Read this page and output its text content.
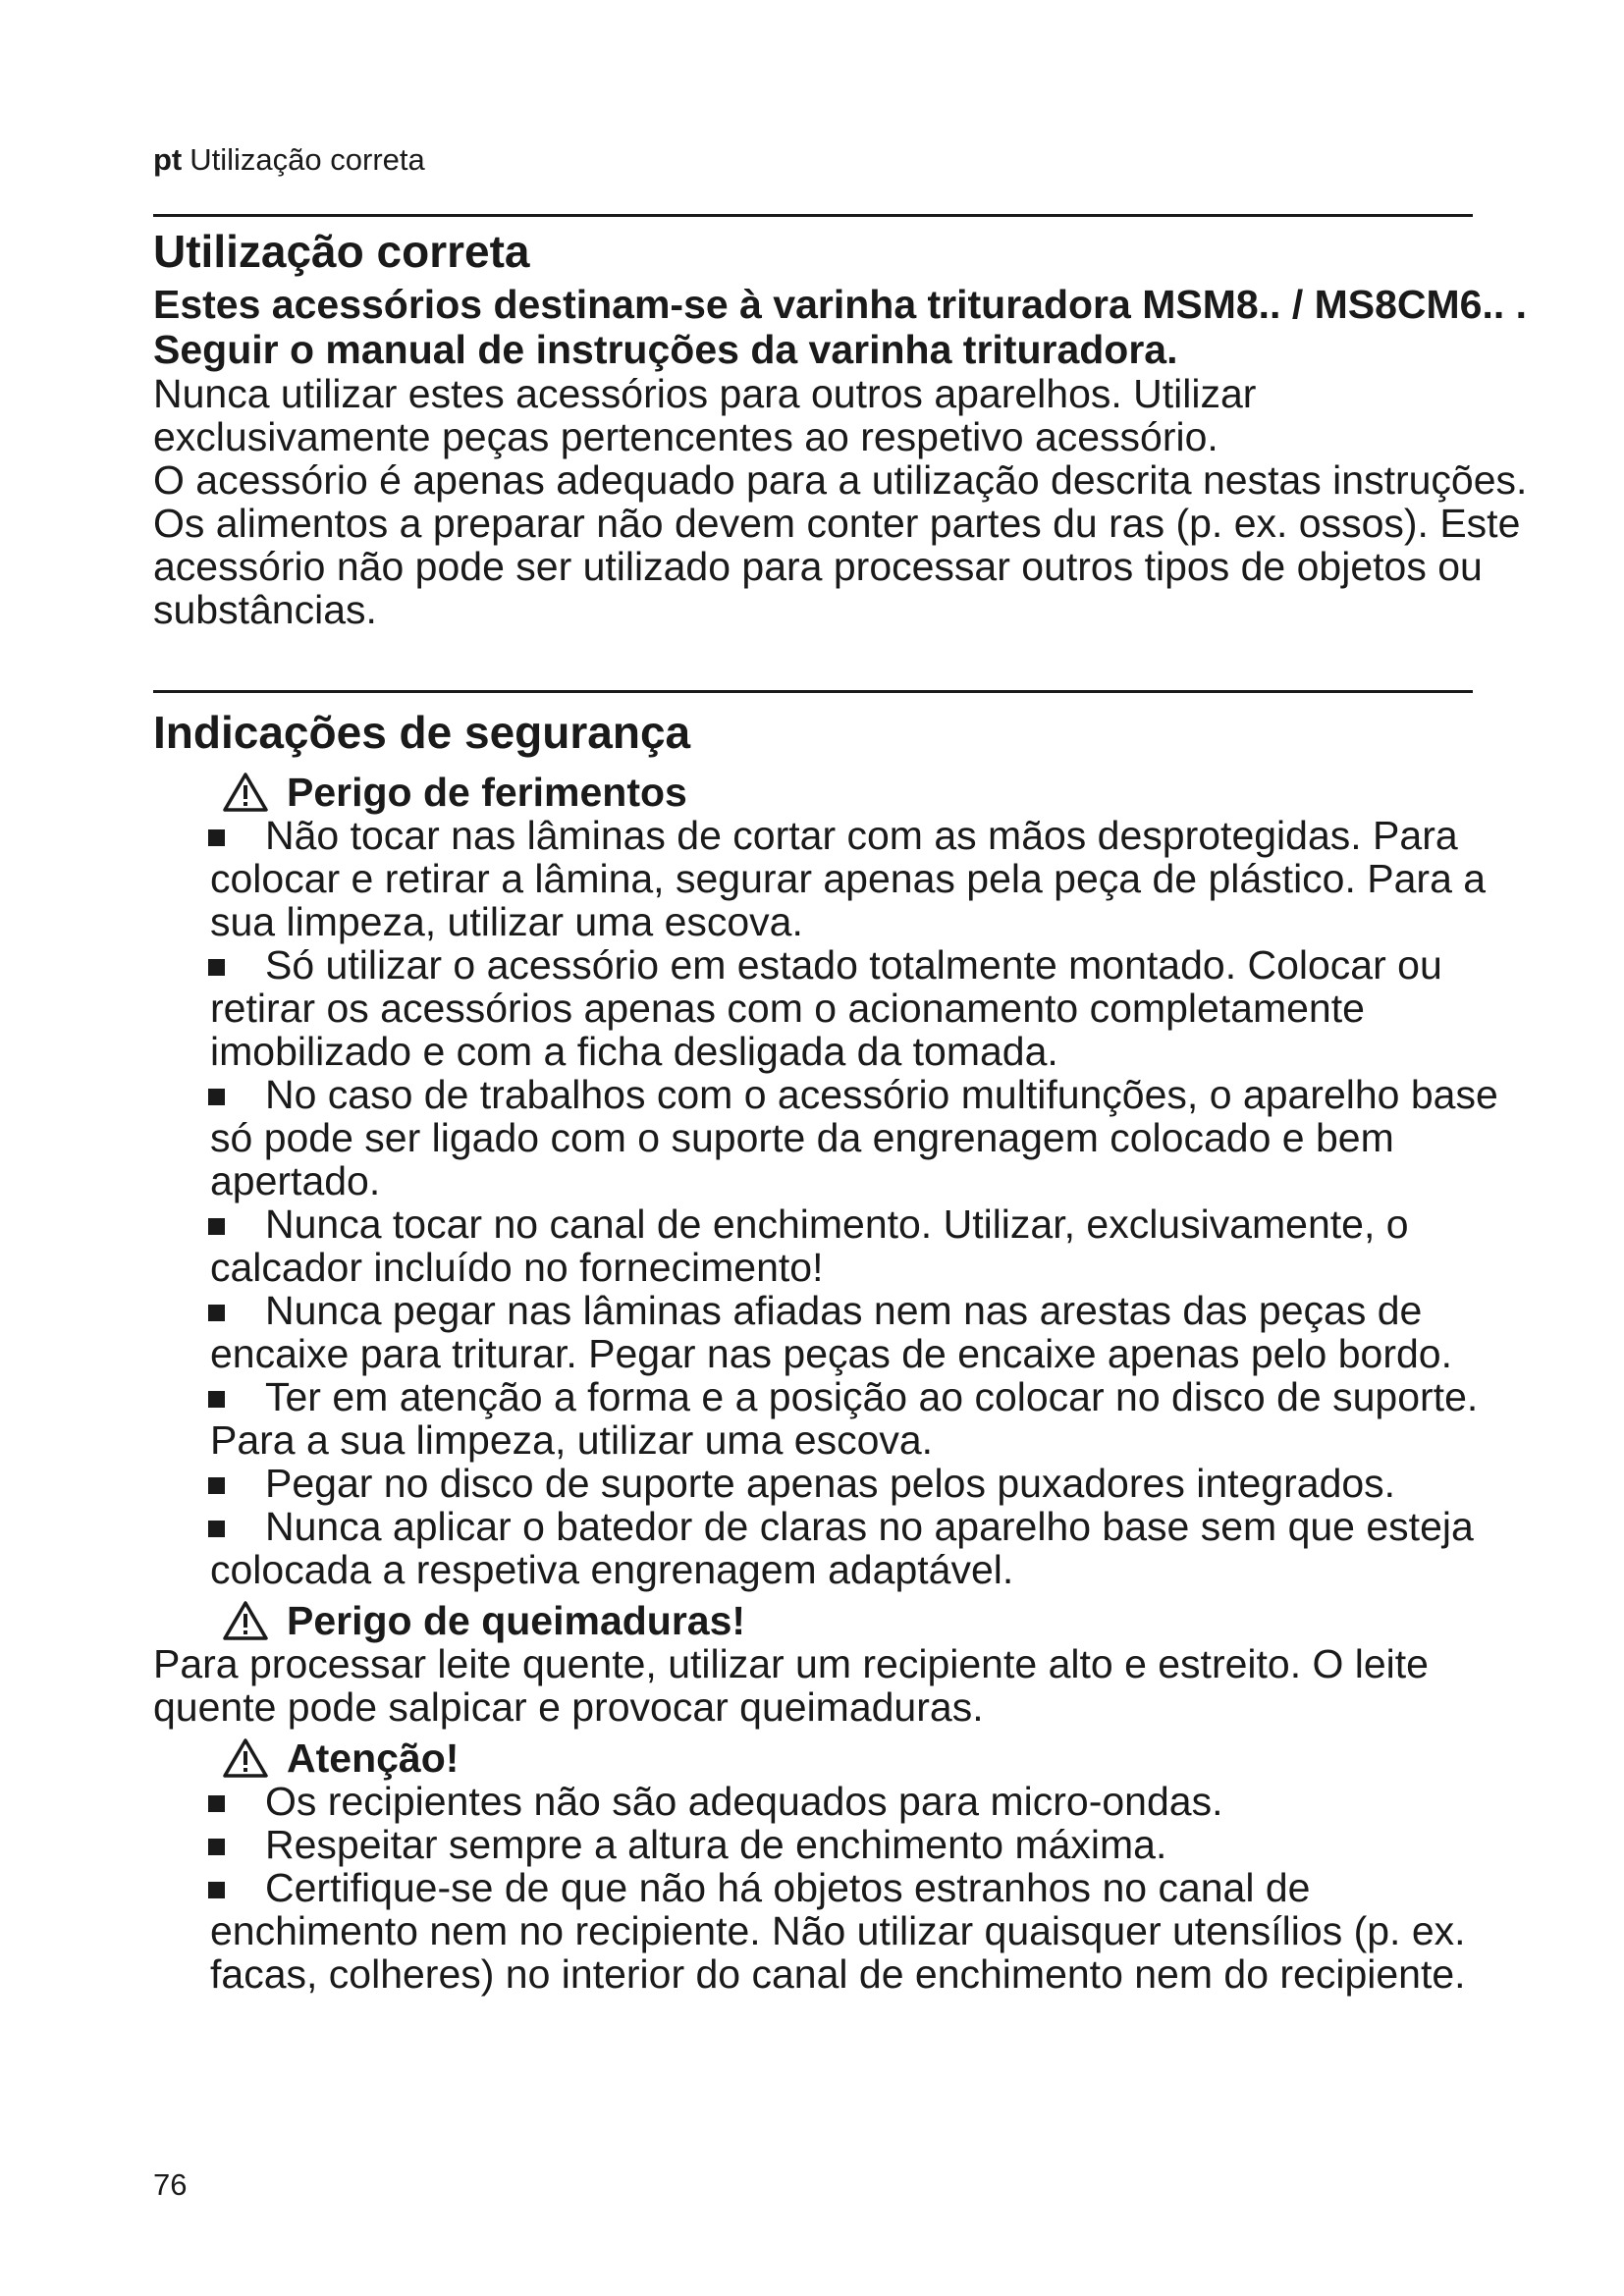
pt Utilização correta
Utilização correta

Estes acessórios destinam-se à varinha trituradora MSM8.. / MS8CM6.. . Seguir o manual de instruções da varinha trituradora.

Nunca utilizar estes acessórios para outros aparelhos. Utilizar exclusivamente peças pertencentes ao respetivo acessório.

O acessório é apenas adequado para a utilização descrita nestas instruções. Os alimentos a preparar não devem conter partes du ras (p. ex. ossos). Este acessório não pode ser utilizado para processar outros tipos de objetos ou substâncias.

Indicações de segurança
Perigo de ferimentos
Não tocar nas lâminas de cortar com as mãos desprotegidas. Para colocar e retirar a lâmina, segurar apenas pela peça de plástico. Para a sua limpeza, utilizar uma escova.
Só utilizar o acessório em estado totalmente montado. Colocar ou retirar os acessórios apenas com o acionamento completamente imobilizado e com a ficha desligada da tomada.
No caso de trabalhos com o acessório multifunções, o aparelho base só pode ser ligado com o suporte da engrenagem colocado e bem apertado.
Nunca tocar no canal de enchimento. Utilizar, exclusivamente, o calcador incluído no fornecimento!
Nunca pegar nas lâminas afiadas nem nas arestas das peças de encaixe para triturar. Pegar nas peças de encaixe apenas pelo bordo.
Ter em atenção a forma e a posição ao colocar no disco de suporte. Para a sua limpeza, utilizar uma escova.
Pegar no disco de suporte apenas pelos puxadores integrados.
Nunca aplicar o batedor de claras no aparelho base sem que esteja colocada a respetiva engrenagem adaptável.
Perigo de queimaduras!

Para processar leite quente, utilizar um recipiente alto e estreito. O leite quente pode salpicar e provocar queimaduras.

Atenção!
Os recipientes não são adequados para micro-ondas.
Respeitar sempre a altura de enchimento máxima.
Certifique-se de que não há objetos estranhos no canal de enchimento nem no recipiente. Não utilizar quaisquer utensílios (p. ex. facas, colheres) no interior do canal de enchimento nem do recipiente.
76
